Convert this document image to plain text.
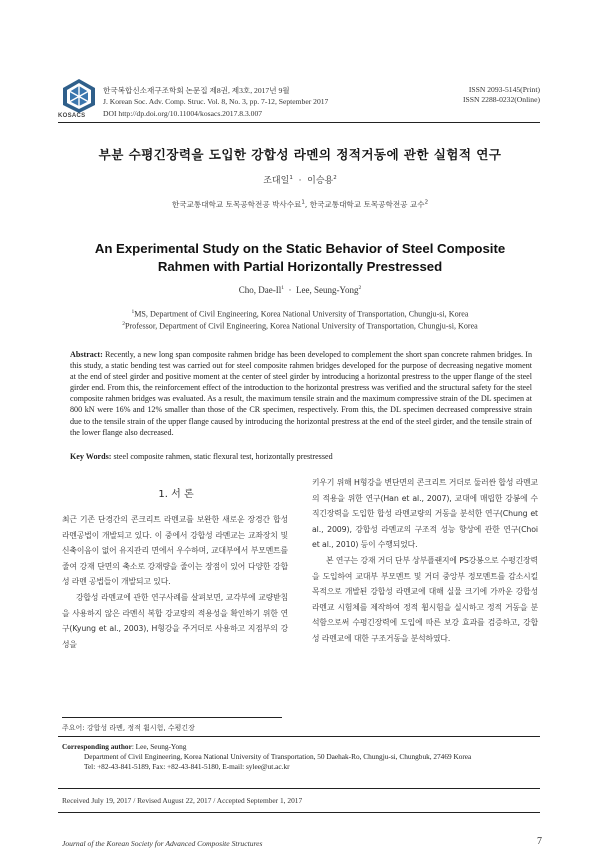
KOSACS
한국복합신소재구조학회 논문집 제8권, 제3호, 2017년 9월
J. Korean Soc. Adv. Comp. Struc. Vol. 8, No. 3, pp. 7-12, September 2017
DOI http://dp.doi.org/10.11004/kosacs.2017.8.3.007
ISSN 2093-5145(Print)
ISSN 2288-0232(Online)
부분 수평긴장력을 도입한 강합성 라멘의 정적거동에 관한 실험적 연구
조대일$^1$ · 이승용$^2$
한국교통대학교 토목공학전공 박사수료$^1$, 한국교통대학교 토목공학전공 교수$^2$
An Experimental Study on the Static Behavior of Steel Composite
Rahmen with Partial Horizontally Prestressed
Cho, Dae-$Il^1$ · Lee, Seung-Yong$^2$
$^1$MS, Department of Civil Engineering, Korea National University of Transportation, Chungju-si, Korea
$^2$Professor, Department of Civil Engineering, Korea National University of Transportation, Chungju-si, Korea
Abstract: Recently, a new long span composite rahmen bridge has been developed to complement the short span concrete rahmen bridges. In this study, a static bending test was carried out for steel composite rahmen bridges developed for the purpose of decreasing negative moment at the end of steel girder and positive moment at the center of steel girder by introducing a horizontal prestress to the upper flange of the steel girder end. From this, the reinforcement effect of the introduction to the horizontal prestress was verified and the structural safety for the steel composite rahmen bridges was evaluated. As a result, the maximum tensile strain and the maximum compressive strain of the DL specimen at 800 kN were 16% and 12% smaller than those of the CR specimen, respectively. From this, the DL specimen decreased compressive strain due to the tensile strain of the upper flange caused by introducing the horizontal prestress at the end of the steel girder, and the tensile strain of the lower flange also decreased.
Key Words: steel composite rahmen, static flexural test, horizontally prestressed
1. 서 론

최근 기존 단경간의 콘크리트 라멘교를 보완한 새로운 장경간 합성 라멘공법이 개발되고 있다. 이 중에서 강합성 라멘교는 교좌장치 및 신축이음이 없어 유지관리 면에서 우수하며, 교대부에서 부모멘트를 줄여 강재 단면의 축소로 강재량을 줄이는 장점이 있어 다양한 강합성 라멘 공법들이 개발되고 있다.

강합성 라멘교에 관한 연구사례를 살펴보면, 교각부에 교량받침을 사용하지 않은 라멘식 복합 강교량의 적용성을 확인하기 위한 연구(Kyung et al., 2003), H형강을 주거더로 사용하고 지점부의 강성을

키우기 위해 H형강을 변단면의 콘크리트 거더로 둘러싼 합성 라멘교의 적용을 위한 연구(Han et al., 2007), 교대에 매립한 강봉에 수직긴장력을 도입한 합성 라멘교량의 거동을 분석한 연구(Chung et al., 2009), 강합성 라멘교의 구조적 성능 향상에 관한 연구(Choi et al., 2010) 등이 수행되었다.

본 연구는 강재 거더 단부 상부플랜지에 PS강봉으로 수평긴장력을 도입하여 교대부 부모멘트 및 거더 중앙부 정모멘트를 감소시킬 목적으로 개발된 강합성 라멘교에 대해 실물 크기에 가까운 강합성 라멘교 시험체를 제작하여 정적 휨시험을 실시하고 정적 거동을 분석함으로써 수평긴장력에 도입에 따른 보강 효과를 검증하고, 강합성 라멘교에 대한 구조거동을 분석하였다.

주요어: 강합성 라멘, 정적 휨시험, 수평긴장
Corresponding author: Lee, Seung-Yong
Department of Civil Engineering, Korea National University of Transportation, 50 Daehak-Ro, Chungju-si, Chungbuk, 27469 Korea
Tel: +82-43-841-5189, Fax: +82-43-841-5180, E-mail: sylee@ut.ac.kr
Received July 19, 2017 / Revised August 22, 2017 / Accepted September 1, 2017
Journal of the Korean Society for Advanced Composite Structures	7
